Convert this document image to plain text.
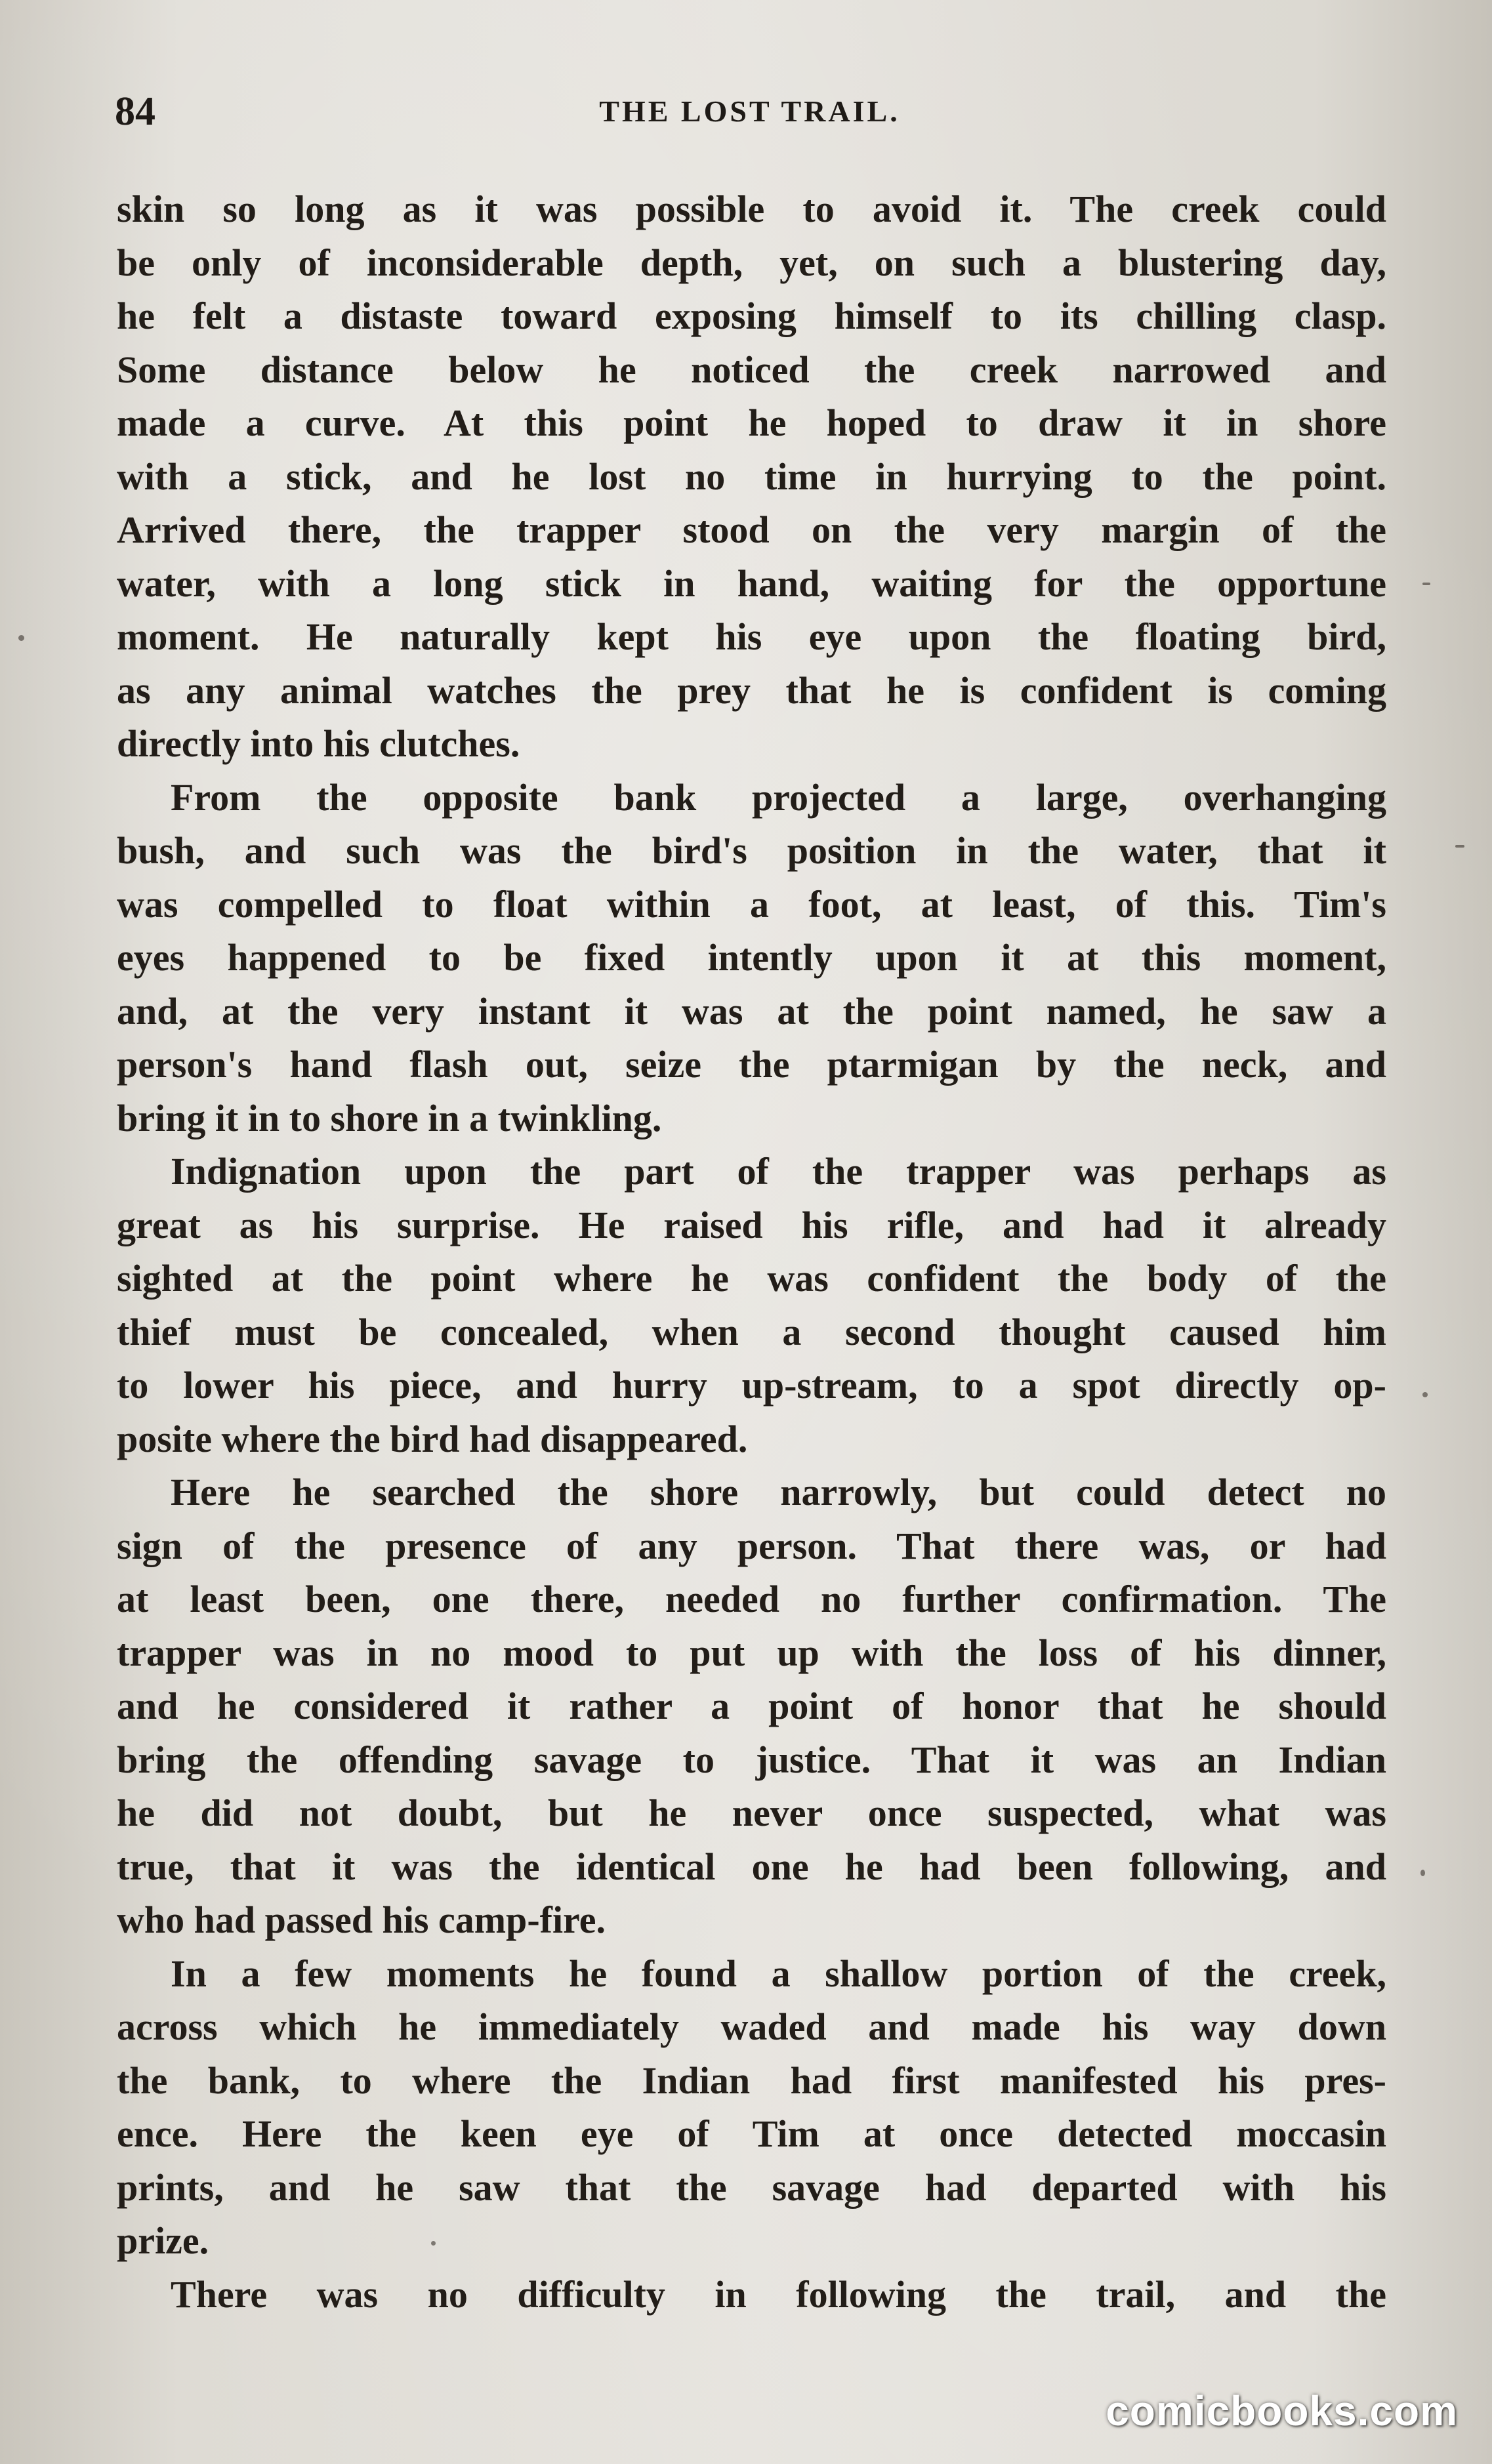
84	THE LOST TRAIL.
skin so long as it was possible to avoid it. The creek could
be only of inconsiderable depth, yet, on such a blustering day,
he felt a distaste toward exposing himself to its chilling clasp.
Some distance below he noticed the creek narrowed and
made a curve. At this point he hoped to draw it in shore
with a stick, and he lost no time in hurrying to the point.
Arrived there, the trapper stood on the very margin of the
water, with a long stick in hand, waiting for the opportune
moment. He naturally kept his eye upon the floating bird,
as any animal watches the prey that he is confident is coming
directly into his clutches.
From the opposite bank projected a large, overhanging
bush, and such was the bird's position in the water, that it
was compelled to float within a foot, at least, of this. Tim's
eyes happened to be fixed intently upon it at this moment,
and, at the very instant it was at the point named, he saw a
person's hand flash out, seize the ptarmigan by the neck, and
bring it in to shore in a twinkling.
Indignation upon the part of the trapper was perhaps as
great as his surprise. He raised his rifle, and had it already
sighted at the point where he was confident the body of the
thief must be concealed, when a second thought caused him
to lower his piece, and hurry up-stream, to a spot directly op-
posite where the bird had disappeared.
Here he searched the shore narrowly, but could detect no
sign of the presence of any person. That there was, or had
at least been, one there, needed no further confirmation. The
trapper was in no mood to put up with the loss of his dinner,
and he considered it rather a point of honor that he should
bring the offending savage to justice. That it was an Indian
he did not doubt, but he never once suspected, what was
true, that it was the identical one he had been following, and
who had passed his camp-fire.
In a few moments he found a shallow portion of the creek,
across which he immediately waded and made his way down
the bank, to where the Indian had first manifested his pres-
ence. Here the keen eye of Tim at once detected moccasin
prints, and he saw that the savage had departed with his
prize.
There was no difficulty in following the trail, and the
comicbooks.com
